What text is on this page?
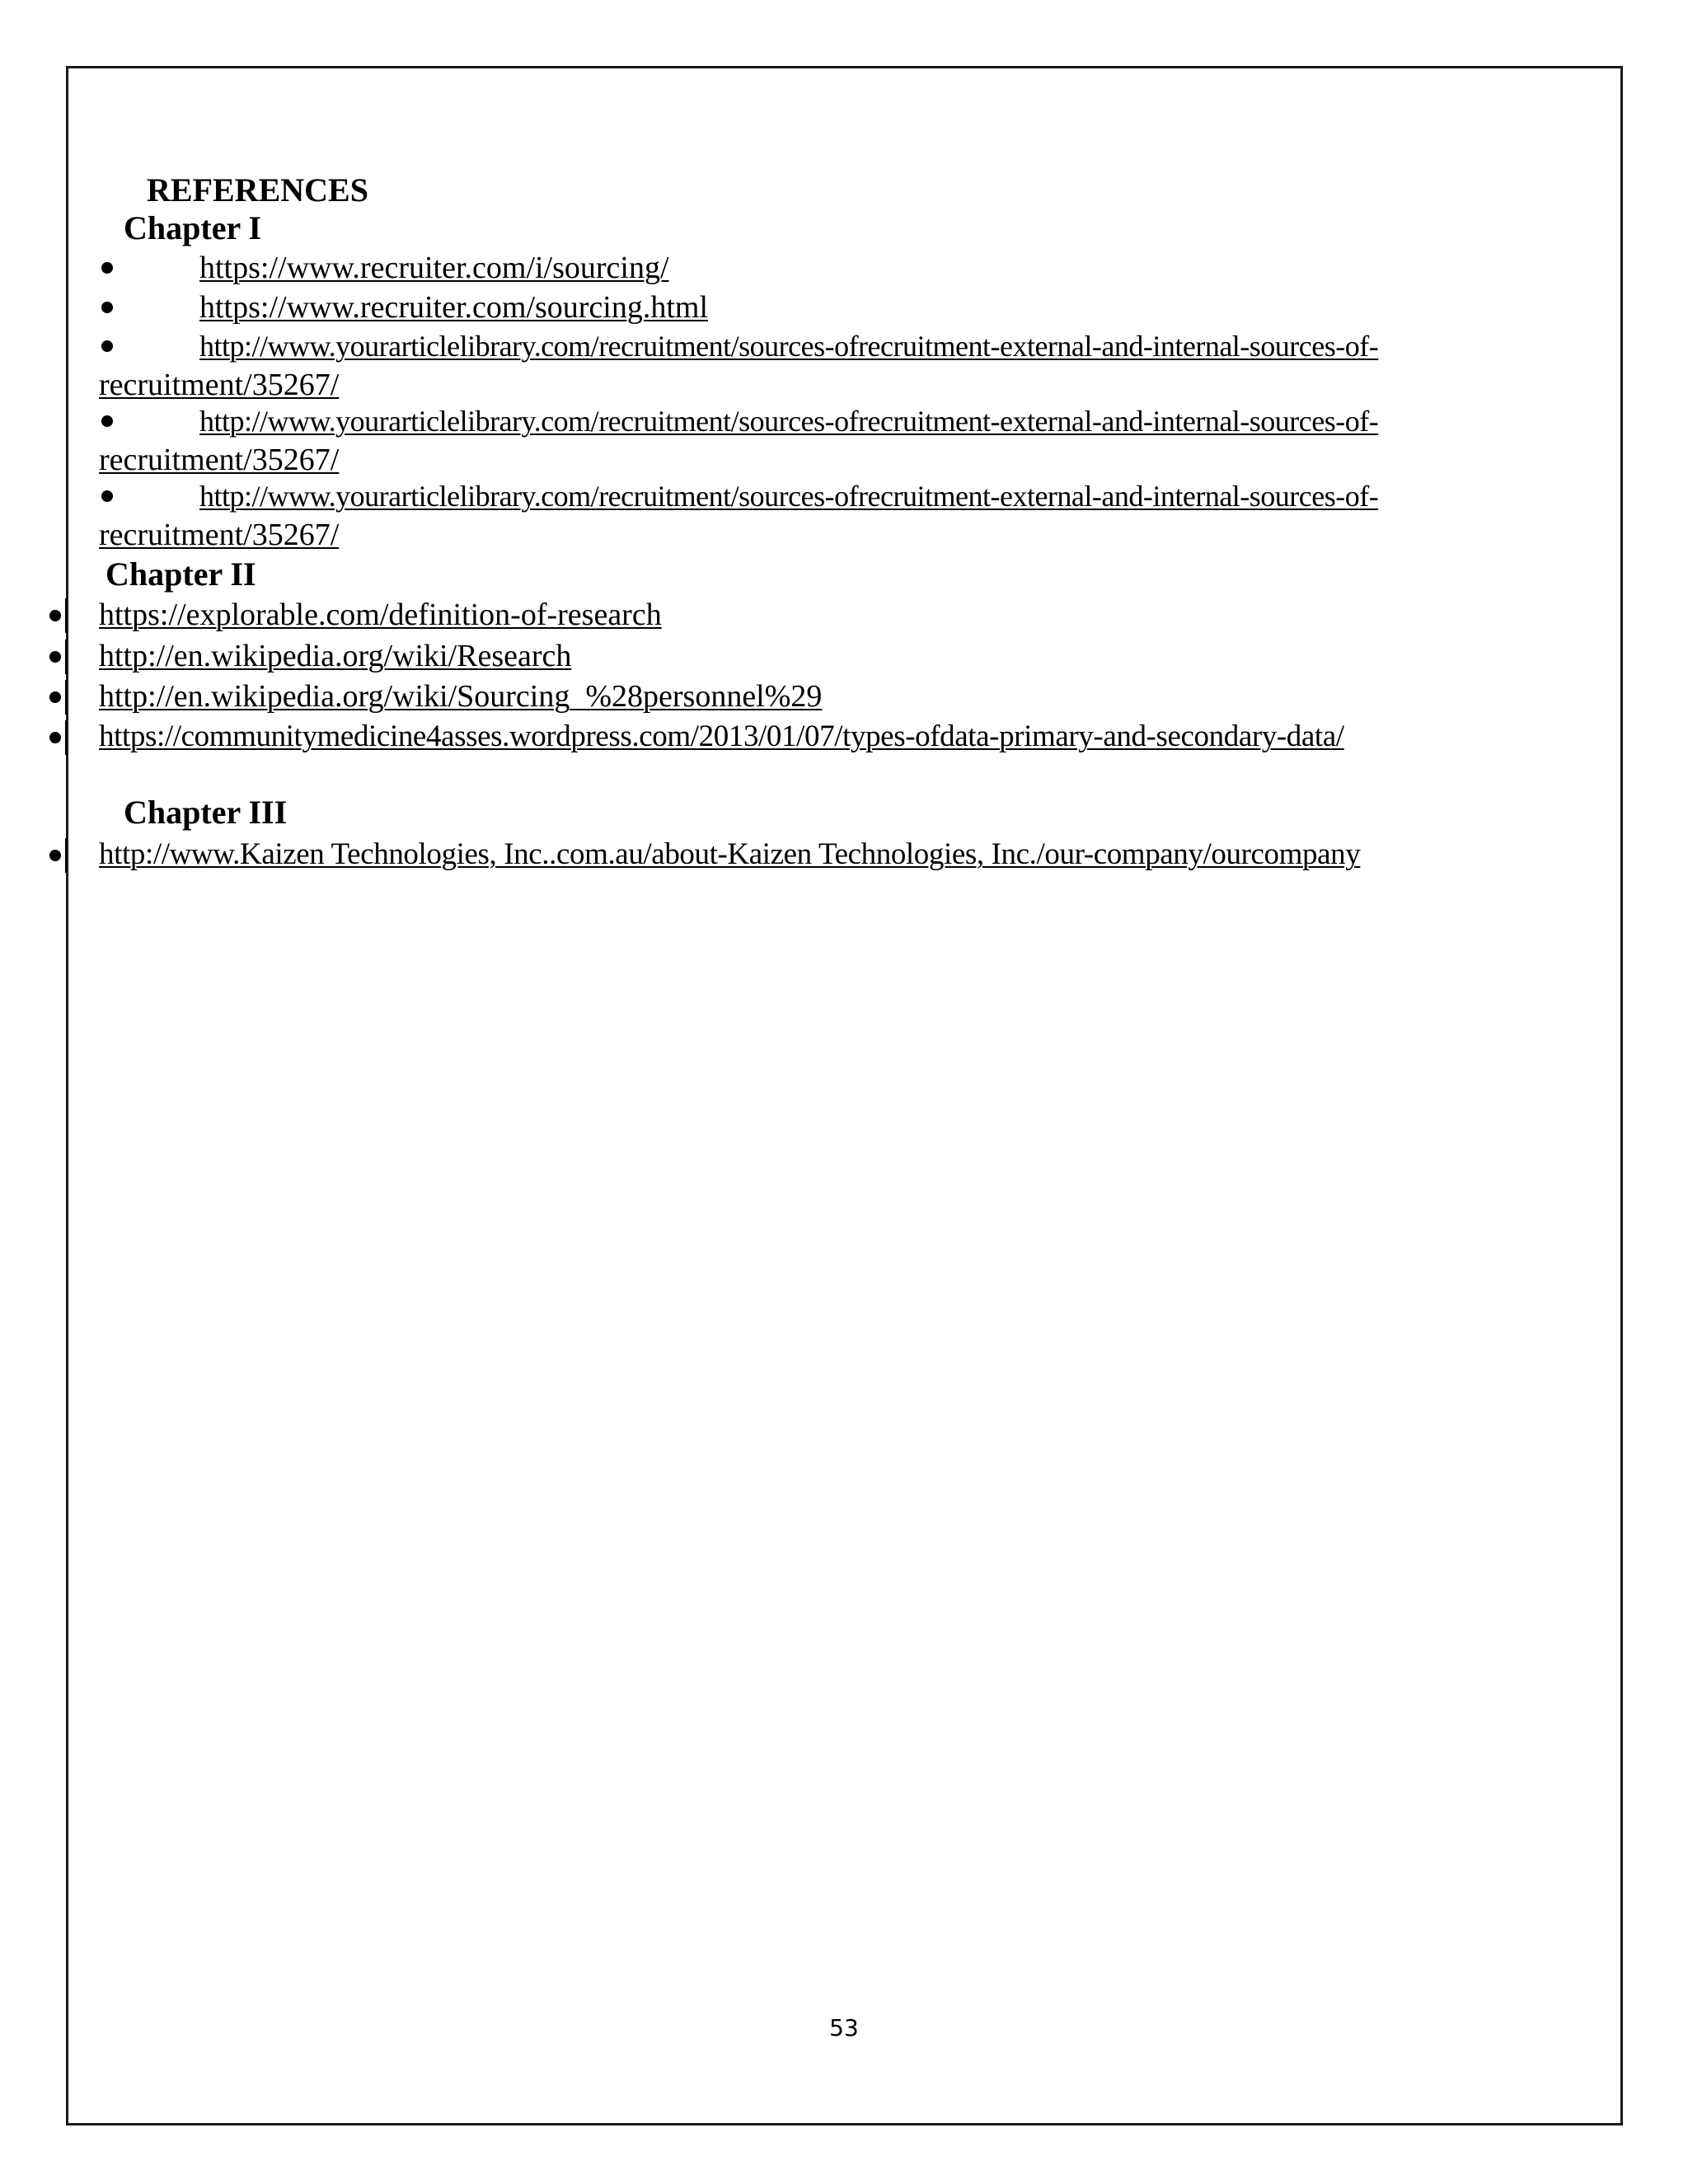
REFERENCES
Chapter I
https://www.recruiter.com/i/sourcing/
https://www.recruiter.com/sourcing.html
http://www.yourarticlelibrary.com/recruitment/sources-ofrecruitment-external-and-internal-sources-of-
recruitment/35267/
http://www.yourarticlelibrary.com/recruitment/sources-ofrecruitment-external-and-internal-sources-of-
recruitment/35267/
http://www.yourarticlelibrary.com/recruitment/sources-ofrecruitment-external-and-internal-sources-of-
recruitment/35267/
Chapter II
https://explorable.com/definition-of-research
http://en.wikipedia.org/wiki/Research
http://en.wikipedia.org/wiki/Sourcing_%28personnel%29
https://communitymedicine4asses.wordpress.com/2013/01/07/types-ofdata-primary-and-secondary-data/
Chapter III
http://www.Kaizen Technologies, Inc..com.au/about-Kaizen Technologies, Inc./our-company/ourcompany
53
